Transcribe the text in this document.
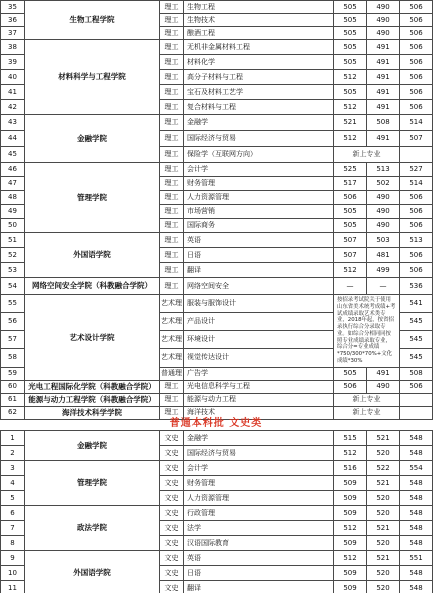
35	生物工程学院	理工	生物工程	505	490	506
36		理工	生物技术	505	490	506
37		理工	酿酒工程	505	490	506
38	材料科学与工程学院	理工	无机非金属材料工程	505	491	506
39		理工	材料化学	505	491	506
40		理工	高分子材料与工程	512	491	506
41		理工	宝石及材料工艺学	505	491	506
42		理工	复合材料与工程	512	491	506
43	金融学院	理工	金融学	521	508	514
44		理工	国际经济与贸易	512	491	507
45		理工	保险学（互联网方向）	新上专业		
46	管理学院	理工	会计学	525	513	527
47		理工	财务管理	517	502	514
48		理工	人力资源管理	506	490	506
49		理工	市场营销	505	490	506
50		理工	国际商务	505	490	506
51	外国语学院	理工	英语	507	503	513
52		理工	日语	507	481	506
53		理工	翻译	512	499	506
54	网络空间安全学院（科教融合学院）	理工	网络空间安全	—	—	536
55	艺术设计学院	艺术理	服装与服饰设计	按招录考试院关于使用山东省美术统考成绩+考试成绩录取艺术类专业，2018年起，按省招录执行综合分录取专业。如综合分相同同按照专业成绩录取专业，综合分=专业成绩*750/300*70%+文化成绩*30%		541
56		艺术理	产品设计			545
57		艺术理	环境设计			545
58		艺术理	视觉传达设计			545
59		普通理	广告学	505	491	508
60	光电工程国际化学院（科教融合学院）	理工	光电信息科学与工程	506	490	506
61	能源与动力工程学院（科教融合学院）	理工	能源与动力工程	新上专业		
62	海洋技术科学学院	理工	海洋技术	新上专业		
1	金融学院	文史	金融学	515	521	548
2		文史	国际经济与贸易	512	520	548
3	管理学院	文史	会计学	516	522	554
4		文史	财务管理	509	521	548
5		文史	人力资源管理	509	520	548
6	政法学院	文史	行政管理	509	520	548
7		文史	法学	512	521	548
8		文史	汉语国际教育	509	520	548
9	外国语学院	文史	英语	512	521	551
10		文史	日语	509	520	548
11		文史	翻译	509	520	548
普通本科批 文史类
